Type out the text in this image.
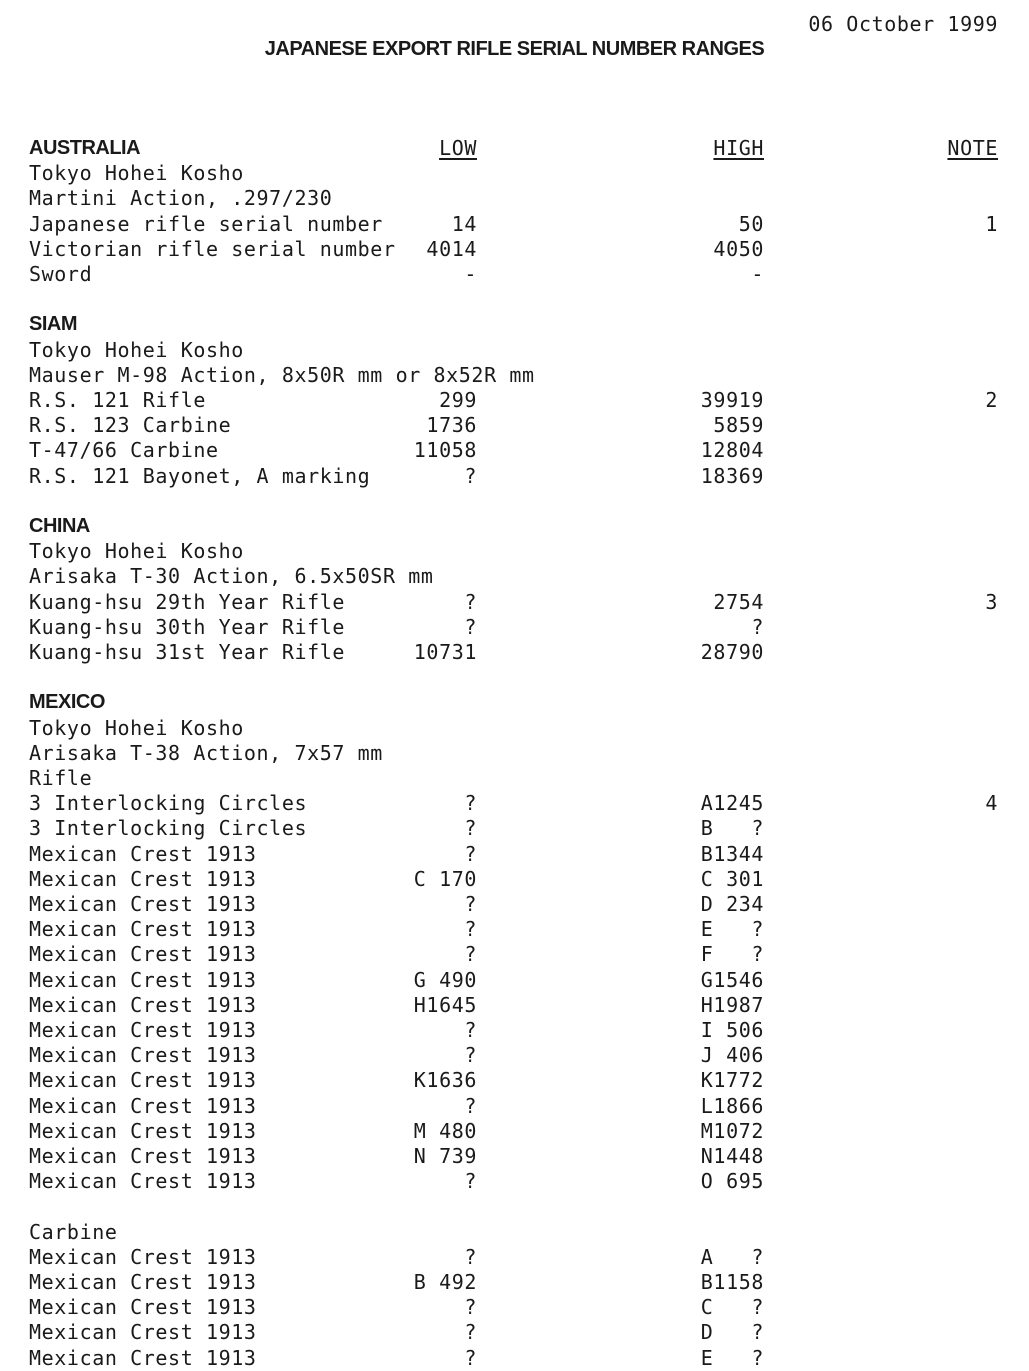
06 October 1999
JAPANESE EXPORT RIFLE SERIAL NUMBER RANGES
AUSTRALIA	LOW	HIGH	NOTE
Tokyo Hohei Kosho
Martini Action, .297/230
Japanese rifle serial number	14	50	1
Victorian rifle serial number 4014	4050
Sword	-	-
SIAM
Tokyo Hohei Kosho
Mauser M-98 Action, 8x50R mm or 8x52R mm
R.S. 121 Rifle	299	39919	2
R.S. 123 Carbine	1736	5859
T-47/66 Carbine	11058	12804
R.S. 121 Bayonet, A marking	?	18369
CHINA
Tokyo Hohei Kosho
Arisaka T-30 Action, 6.5x50SR mm
Kuang-hsu 29th Year Rifle	?	2754	3
Kuang-hsu 30th Year Rifle	?	?
Kuang-hsu 31st Year Rifle	10731	28790
MEXICO
Tokyo Hohei Kosho
Arisaka T-38 Action, 7x57 mm
Rifle
3 Interlocking Circles	?	A1245	4
3 Interlocking Circles	?	B   ?
Mexican Crest 1913	?	B1344
Mexican Crest 1913	C 170	C 301
Mexican Crest 1913	?	D 234
Mexican Crest 1913	?	E   ?
Mexican Crest 1913	?	F   ?
Mexican Crest 1913	G 490	G1546
Mexican Crest 1913	H1645	H1987
Mexican Crest 1913	?	I 506
Mexican Crest 1913	?	J 406
Mexican Crest 1913	K1636	K1772
Mexican Crest 1913	?	L1866
Mexican Crest 1913	M 480	M1072
Mexican Crest 1913	N 739	N1448
Mexican Crest 1913	?	O 695
Carbine
Mexican Crest 1913	?	A   ?
Mexican Crest 1913	B 492	B1158
Mexican Crest 1913	?	C   ?
Mexican Crest 1913	?	D   ?
Mexican Crest 1913	?	E   ?
